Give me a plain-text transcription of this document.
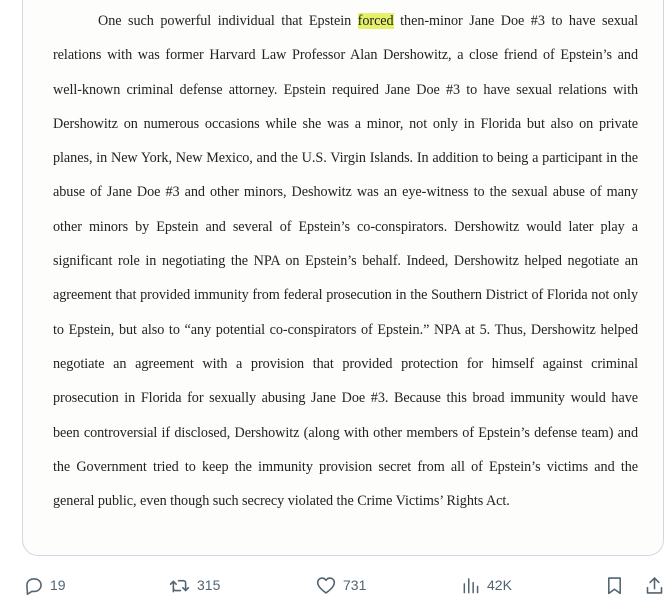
One such powerful individual that Epstein forced then-minor Jane Doe #3 to have sexual relations with was former Harvard Law Professor Alan Dershowitz, a close friend of Epstein’s and well-known criminal defense attorney. Epstein required Jane Doe #3 to have sexual relations with Dershowitz on numerous occasions while she was a minor, not only in Florida but also on private planes, in New York, New Mexico, and the U.S. Virgin Islands. In addition to being a participant in the abuse of Jane Doe #3 and other minors, Deshowitz was an eye-witness to the sexual abuse of many other minors by Epstein and several of Epstein’s co-conspirators. Dershowitz would later play a significant role in negotiating the NPA on Epstein’s behalf. Indeed, Dershowitz helped negotiate an agreement that provided immunity from federal prosecution in the Southern District of Florida not only to Epstein, but also to “any potential co-conspirators of Epstein.” NPA at 5. Thus, Dershowitz helped negotiate an agreement with a provision that provided protection for himself against criminal prosecution in Florida for sexually abusing Jane Doe #3. Because this broad immunity would have been controversial if disclosed, Dershowitz (along with other members of Epstein’s defense team) and the Government tried to keep the immunity provision secret from all of Epstein’s victims and the general public, even though such secrecy violated the Crime Victims’ Rights Act.

19	315	731	42K
